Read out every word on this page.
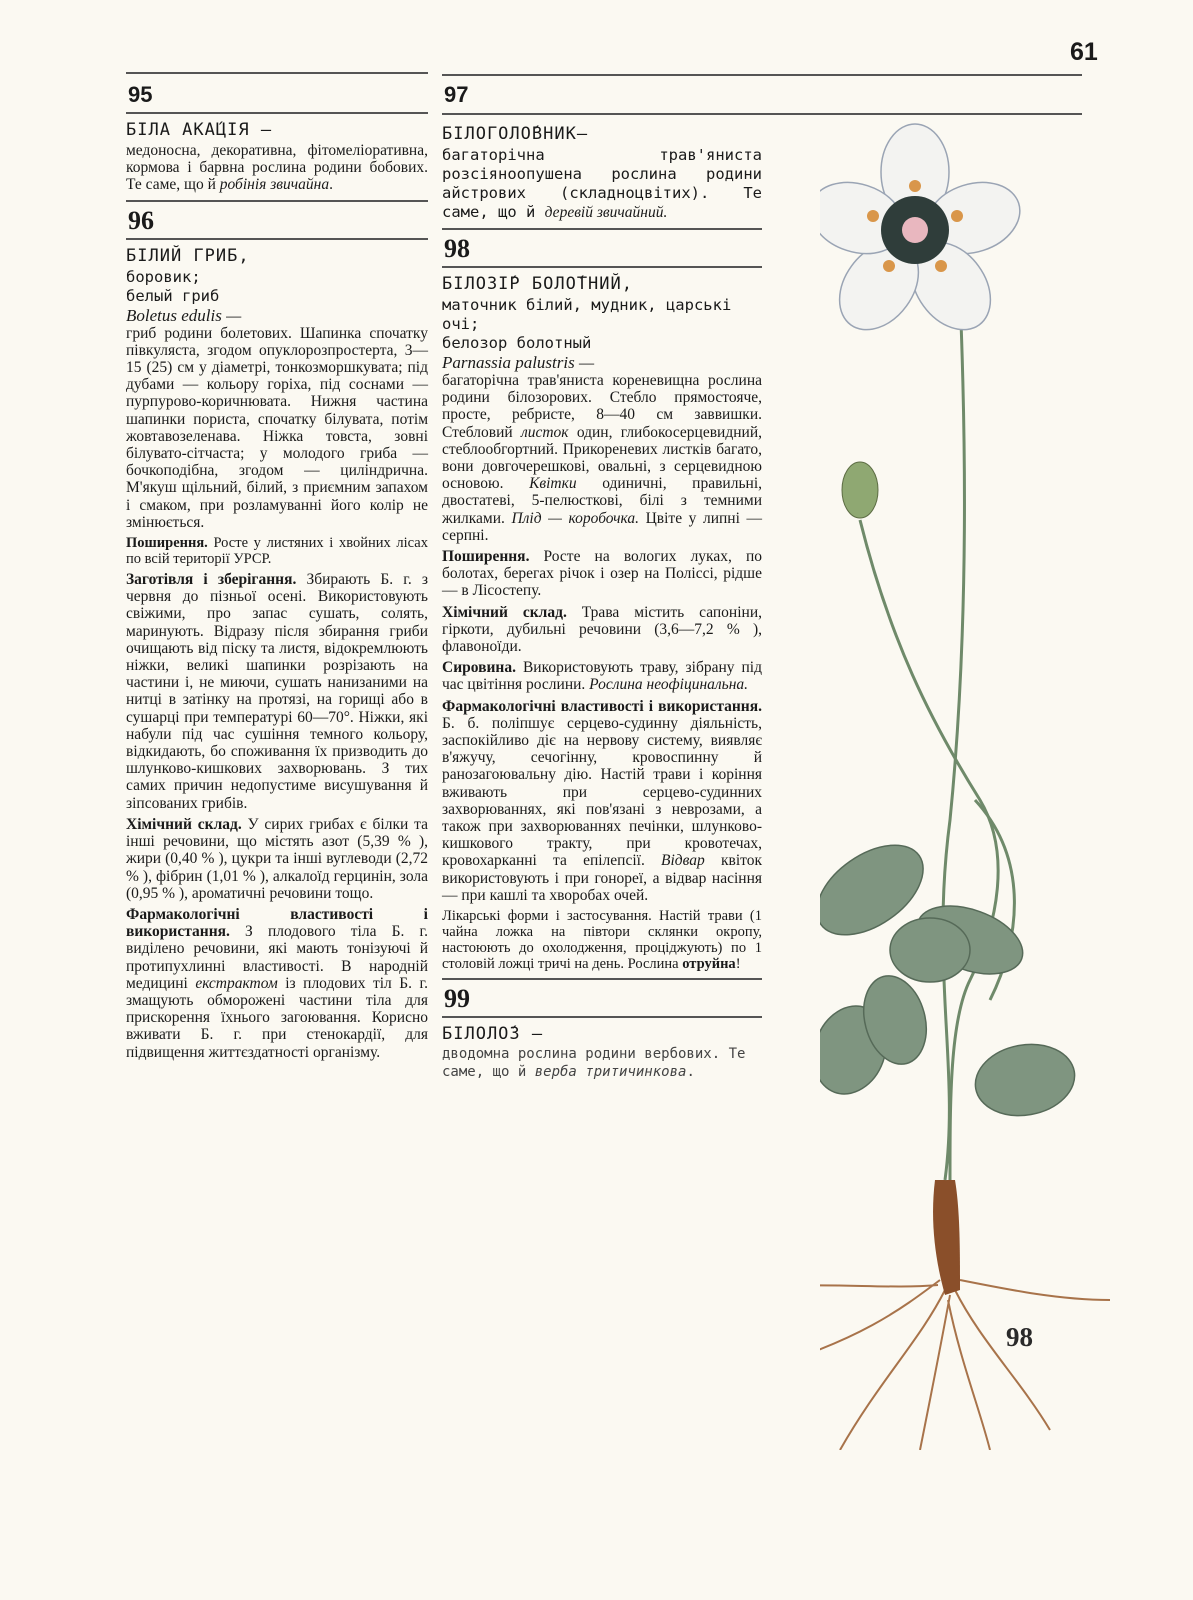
61
95
БІЛА АКА́ЦІЯ —
медоносна, декоративна, фітомеліоративна, кормова і барвна рослина родини бобових. Те саме, що й робінія звичайна.
96
БІЛИЙ ГРИБ,
боровик;
белый гриб
Boletus edulis —
гриб родини болетових. Шапинка спочатку півкуляста, згодом опуклорозпростерта, 3—15 (25) см у діаметрі, тонкозморшкувата; під дубами — кольору горіха, під соснами — пурпурово-коричнювата. Нижня частина шапинки пориста, спочатку білувата, потім жовтавозеленава. Ніжка товста, зовні білувато-сітчаста; у молодого гриба — бочкоподібна, згодом — циліндрична. М'якуш щільний, білий, з приємним запахом і смаком, при розламуванні його колір не змінюється.
Поширення. Росте у листяних і хвойних лісах по всій території УРСР.
Заготівля і зберігання. Збирають Б. г. з червня до пізньої осені. Використовують свіжими, про запас сушать, солять, маринують. Відразу після збирання гриби очищають від піску та листя, відокремлюють ніжки, великі шапинки розрізають на частини і, не миючи, сушать нанизаними на нитці в затінку на протязі, на горищі або в сушарці при температурі 60—70°. Ніжки, які набули під час сушіння темного кольору, відкидають, бо споживання їх призводить до шлунково-кишкових захворювань. З тих самих причин недопустиме висушування й зіпсованих грибів.
Хімічний склад. У сирих грибах є білки та інші речовини, що містять азот (5,39 % ), жири (0,40 % ), цукри та інші вуглеводи (2,72 % ), фібрин (1,01 % ), алкалоїд герцинін, зола (0,95 % ), ароматичні речовини тощо.
Фармакологічні властивості і використання. З плодового тіла Б. г. виділено речовини, які мають тонізуючі й протипухлинні властивості. В народній медицині екстрактом із плодових тіл Б. г. змащують обморожені частини тіла для прискорення їхнього загоювання. Корисно вживати Б. г. при стенокардії, для підвищення життєздатності організму.
97
БІЛОГОЛО́ВНИК—
багаторічна трав'яниста розсіяноопушена рослина родини айстрових (складноцвітих). Те саме, що й деревій звичайний.
98
БІЛОЗІ́Р БОЛО́ТНИЙ,
маточник білий, мудник, царські очі;
белозор болотный
Parnassia palustris —
багаторічна трав'яниста кореневищна рослина родини білозорових. Стебло прямостояче, просте, ребристе, 8—40 см заввишки. Стебловий листок один, глибокосерцевидний, стеблообгортний. Прикореневих листків багато, вони довгочерешкові, овальні, з серцевидною основою. Квітки одиничні, правильні, двостатеві, 5-пелюсткові, білі з темними жилками. Плід — коробочка. Цвіте у липні — серпні.
Поширення. Росте на вологих луках, по болотах, берегах річок і озер на Поліссі, рідше — в Лісостепу.
Хімічний склад. Трава містить сапоніни, гіркоти, дубильні речовини (3,6—7,2 % ), флавоноїди.
Сировина. Використовують траву, зібрану під час цвітіння рослини. Рослина неофіцинальна.
Фармакологічні властивості і використання. Б. б. поліпшує серцево-судинну діяльність, заспокійливо діє на нервову систему, виявляє в'яжучу, сечогінну, кровоспинну й ранозагоювальну дію. Настій трави і коріння вживають при серцево-судинних захворюваннях, які пов'язані з неврозами, а також при захворюваннях печінки, шлунково-кишкового тракту, при кровотечах, кровохарканні та епілепсії. Відвар квіток використовують і при гонореї, а відвар насіння — при кашлі та хворобах очей.
Лікарські форми і застосування. Настій трави (1 чайна ложка на півтори склянки окропу, настоюють до охолодження, проціджують) по 1 столовій ложці тричі на день. Рослина отруйна!
99
БІЛОЛО́З —
дводомна рослина родини вербових. Те саме, що й верба тритичинкова.
98
